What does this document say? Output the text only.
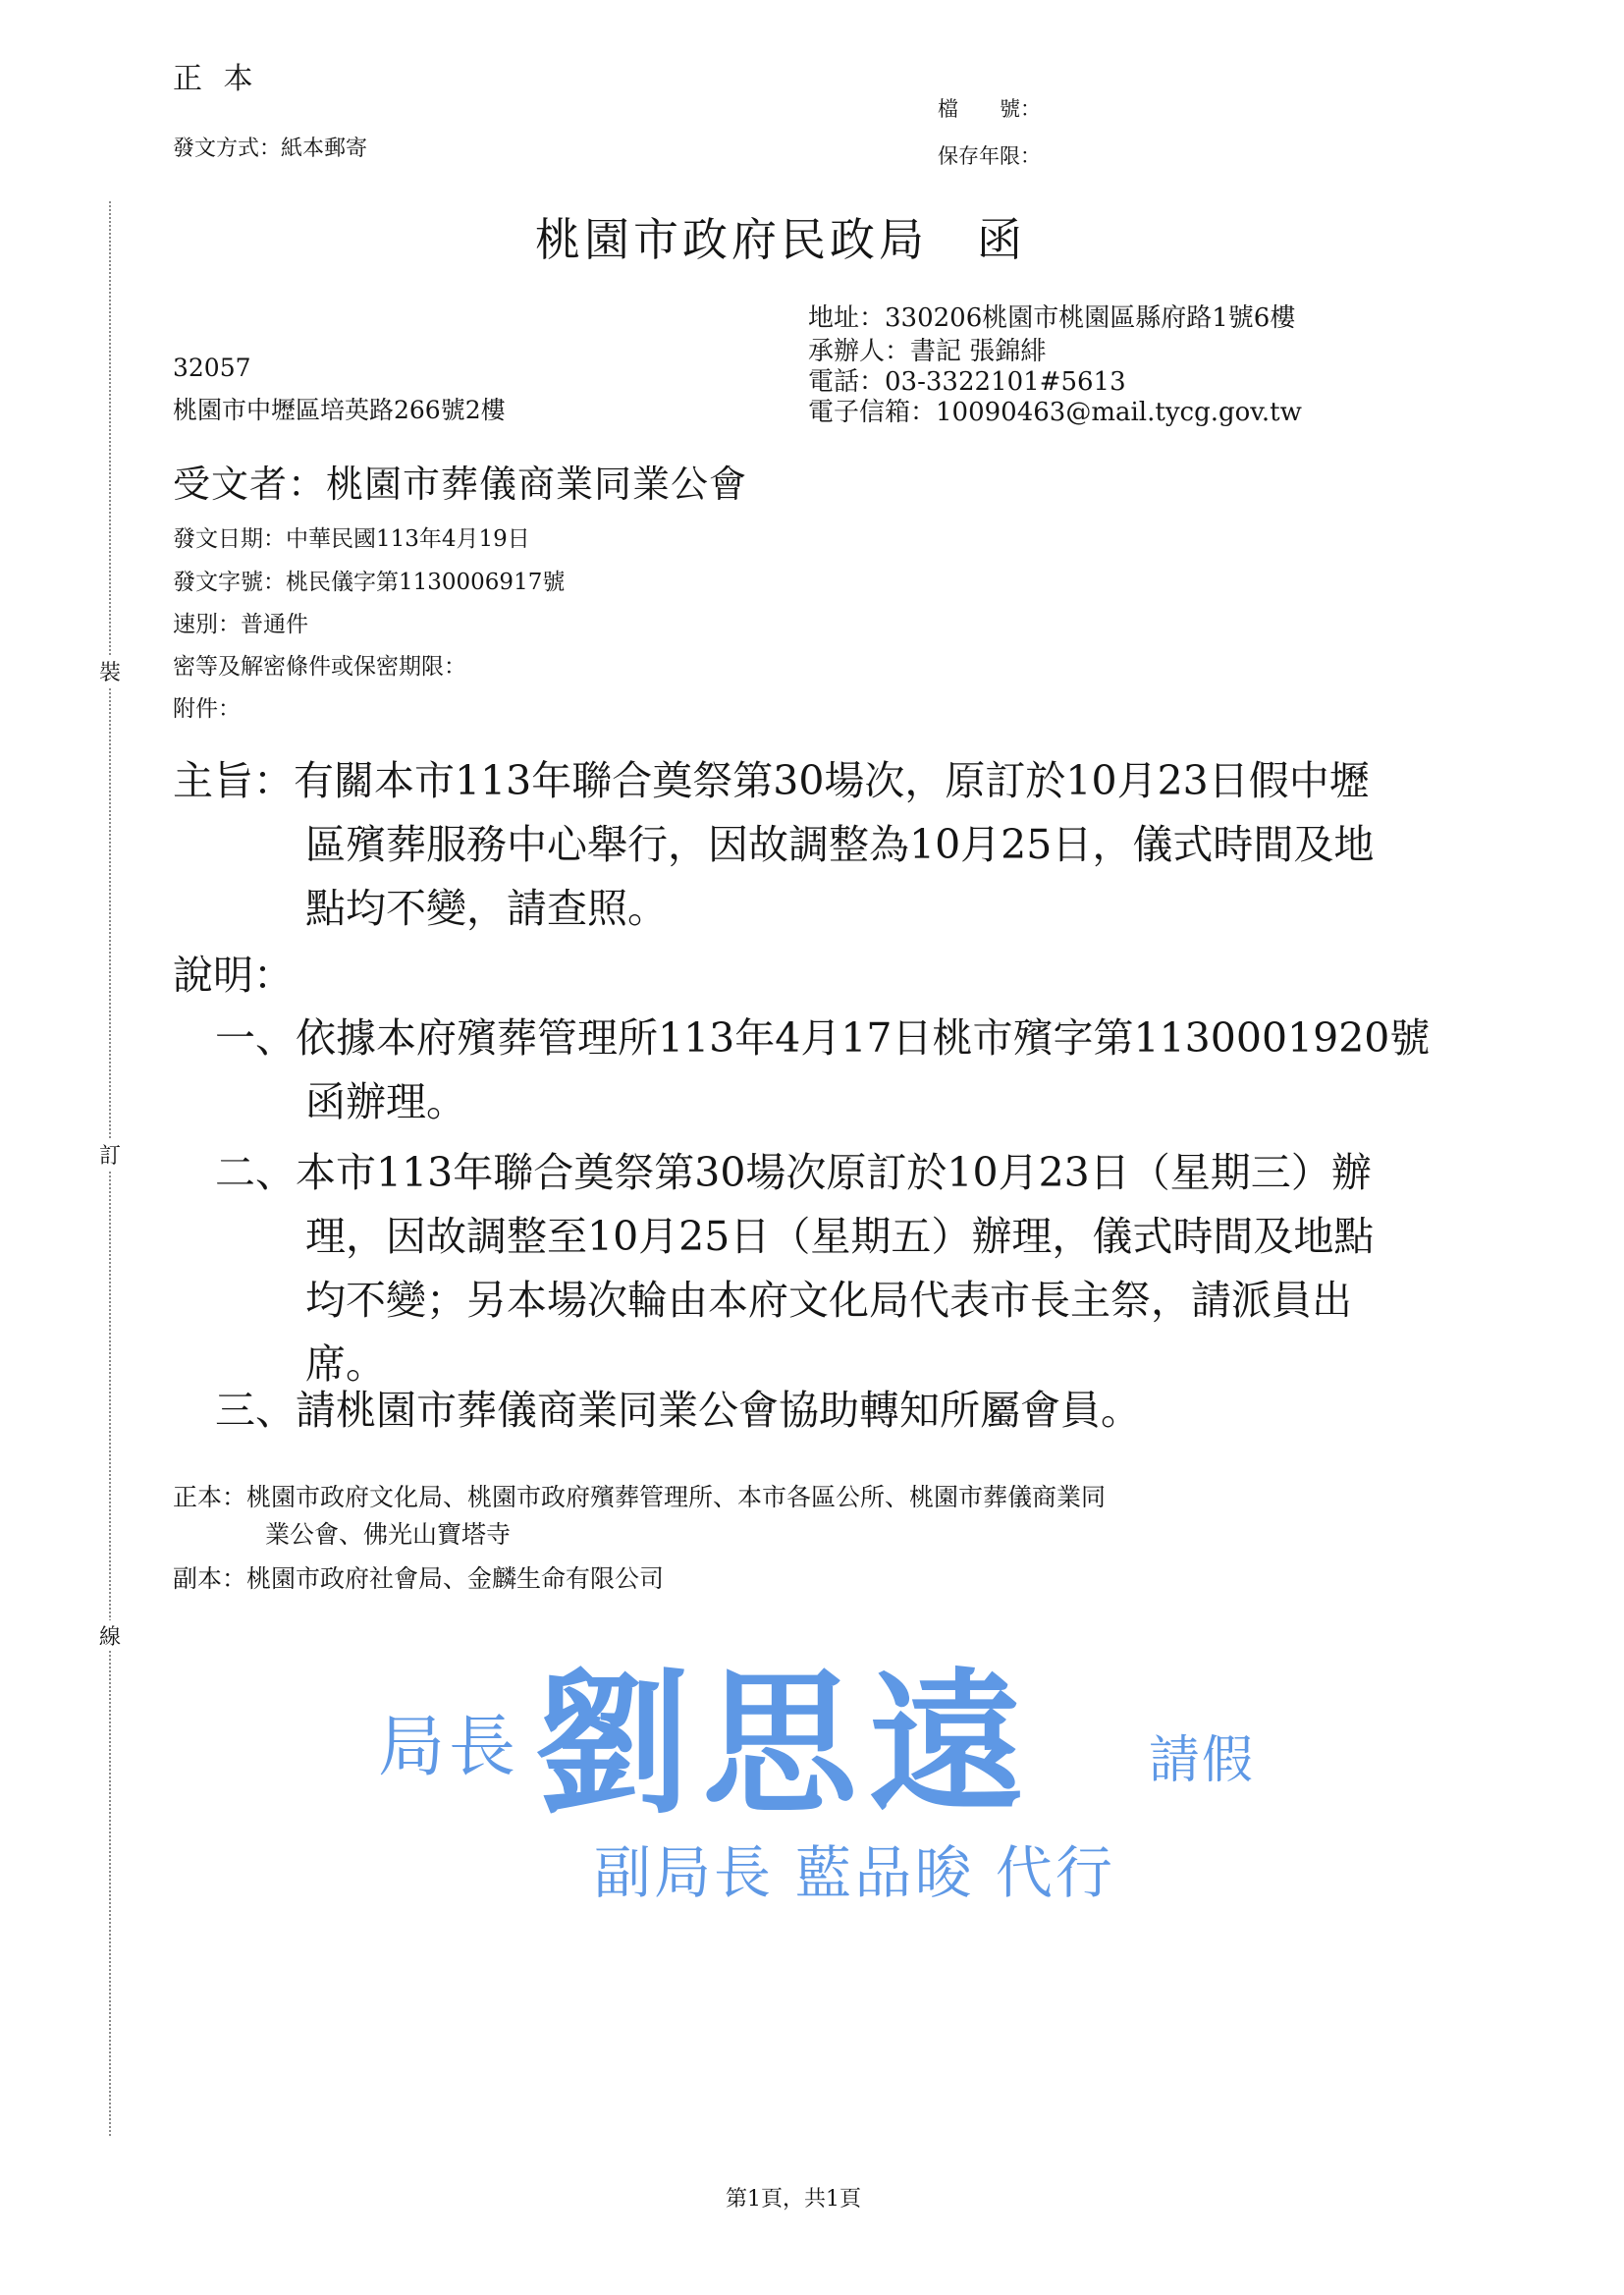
裝
訂
線
正 本
發文方式：紙本郵寄
檔　　號：
保存年限：
桃園市政府民政局　函
地址：330206桃園市桃園區縣府路1號6樓
承辦人：書記 張錦緋
電話：03-3322101#5613
電子信箱：10090463@mail.tycg.gov.tw
32057
桃園市中壢區培英路266號2樓
受文者：桃園市葬儀商業同業公會
發文日期：中華民國113年4月19日
發文字號：桃民儀字第1130006917號
速別：普通件
密等及解密條件或保密期限：
附件：
主旨：有關本市113年聯合奠祭第30場次，原訂於10月23日假中壢
區殯葬服務中心舉行，因故調整為10月25日，儀式時間及地
點均不變，請查照。
說明：
一、依據本府殯葬管理所113年4月17日桃市殯字第1130001920號
函辦理。
二、本市113年聯合奠祭第30場次原訂於10月23日（星期三）辦
理，因故調整至10月25日（星期五）辦理，儀式時間及地點
均不變；另本場次輪由本府文化局代表市長主祭，請派員出
席。
三、請桃園市葬儀商業同業公會協助轉知所屬會員。
正本：桃園市政府文化局、桃園市政府殯葬管理所、本市各區公所、桃園市葬儀商業同
業公會、佛光山寶塔寺
副本：桃園市政府社會局、金麟生命有限公司
劉思遠
局長	請假
副局長 藍品晙 代行
第1頁，共1頁
